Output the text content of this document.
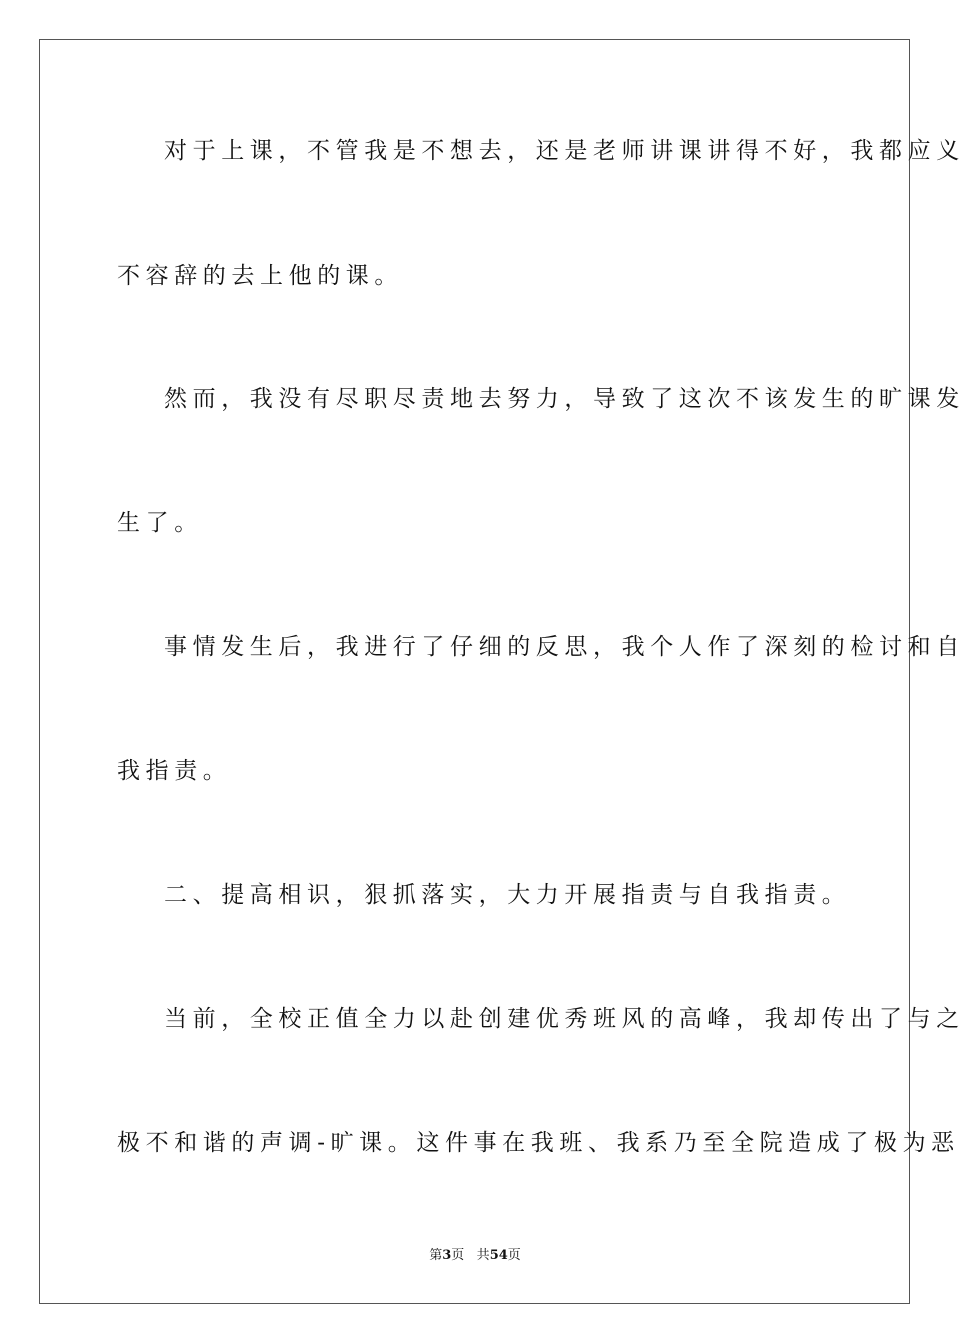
对于上课，不管我是不想去，还是老师讲课讲得不好，我都应义
不容辞的去上他的课。
然而，我没有尽职尽责地去努力，导致了这次不该发生的旷课发
生了。
事情发生后，我进行了仔细的反思，我个人作了深刻的检讨和自
我指责。
二、提高相识，狠抓落实，大力开展指责与自我指责。
当前，全校正值全力以赴创建优秀班风的高峰，我却传出了与之
极不和谐的声调-旷课。这件事在我班、我系乃至全院造成了极为恶
第3页 共54页
